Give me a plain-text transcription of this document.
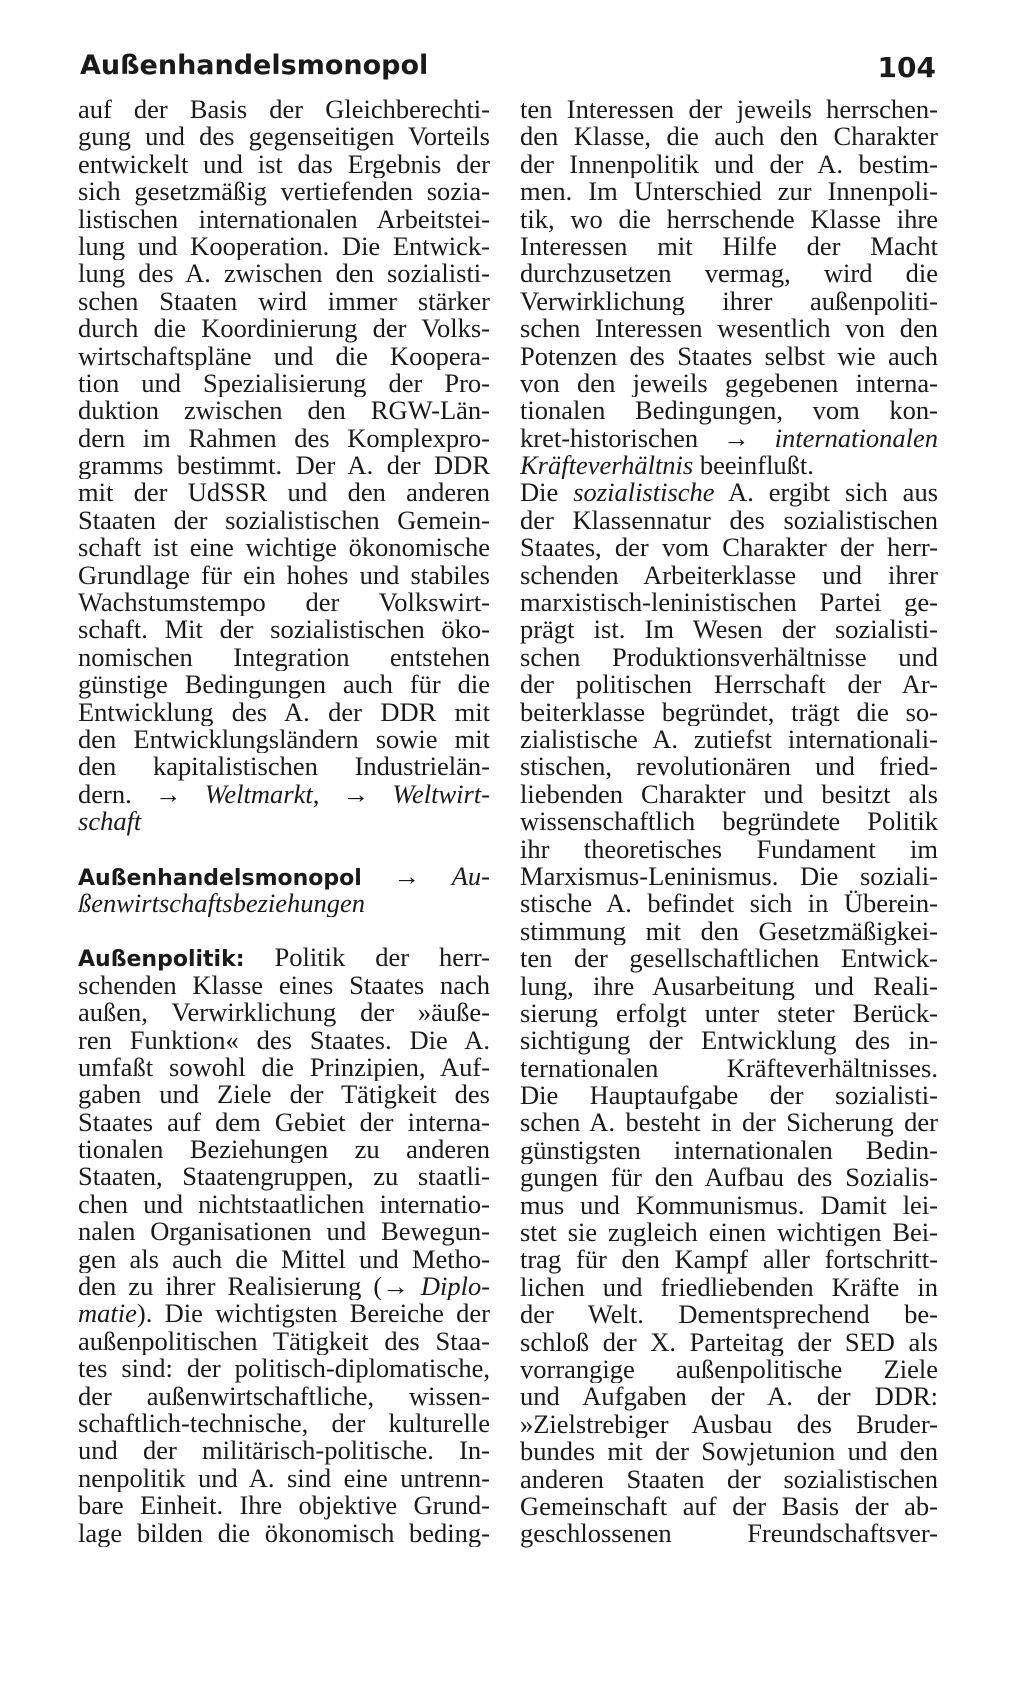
Außenhandelsmonopol	104
auf der Basis der Gleichberechti-
gung und des gegenseitigen Vorteils
entwickelt und ist das Ergebnis der
sich gesetzmäßig vertiefenden sozia-
listischen internationalen Arbeitstei-
lung und Kooperation. Die Entwick-
lung des A. zwischen den sozialisti-
schen Staaten wird immer stärker
durch die Koordinierung der Volks-
wirtschaftspläne und die Koopera-
tion und Spezialisierung der Pro-
duktion zwischen den RGW-Län-
dern im Rahmen des Komplexpro-
gramms bestimmt. Der A. der DDR
mit der UdSSR und den anderen
Staaten der sozialistischen Gemein-
schaft ist eine wichtige ökonomische
Grundlage für ein hohes und stabiles
Wachstumstempo der Volkswirt-
schaft. Mit der sozialistischen öko-
nomischen Integration entstehen
günstige Bedingungen auch für die
Entwicklung des A. der DDR mit
den Entwicklungsländern sowie mit
den kapitalistischen Industrielän-
dern. → Weltmarkt, → Weltwirt-
schaft
Außenhandelsmonopol → Au-
ßenwirtschaftsbeziehungen
Außenpolitik: Politik der herr-
schenden Klasse eines Staates nach
außen, Verwirklichung der »äuße-
ren Funktion« des Staates. Die A.
umfaßt sowohl die Prinzipien, Auf-
gaben und Ziele der Tätigkeit des
Staates auf dem Gebiet der interna-
tionalen Beziehungen zu anderen
Staaten, Staatengruppen, zu staatli-
chen und nichtstaatlichen internatio-
nalen Organisationen und Bewegun-
gen als auch die Mittel und Metho-
den zu ihrer Realisierung (→ Diplo-
matie). Die wichtigsten Bereiche der
außenpolitischen Tätigkeit des Staa-
tes sind: der politisch-diplomatische,
der außenwirtschaftliche, wissen-
schaftlich-technische, der kulturelle
und der militärisch-politische. In-
nenpolitik und A. sind eine untrenn-
bare Einheit. Ihre objektive Grund-
lage bilden die ökonomisch beding-
ten Interessen der jeweils herrschen-
den Klasse, die auch den Charakter
der Innenpolitik und der A. bestim-
men. Im Unterschied zur Innenpoli-
tik, wo die herrschende Klasse ihre
Interessen mit Hilfe der Macht
durchzusetzen vermag, wird die
Verwirklichung ihrer außenpoliti-
schen Interessen wesentlich von den
Potenzen des Staates selbst wie auch
von den jeweils gegebenen interna-
tionalen Bedingungen, vom kon-
kret-historischen → internationalen
Kräfteverhältnis beeinflußt.
Die sozialistische A. ergibt sich aus
der Klassennatur des sozialistischen
Staates, der vom Charakter der herr-
schenden Arbeiterklasse und ihrer
marxistisch-leninistischen Partei ge-
prägt ist. Im Wesen der sozialisti-
schen Produktionsverhältnisse und
der politischen Herrschaft der Ar-
beiterklasse begründet, trägt die so-
zialistische A. zutiefst internationali-
stischen, revolutionären und fried-
liebenden Charakter und besitzt als
wissenschaftlich begründete Politik
ihr theoretisches Fundament im
Marxismus-Leninismus. Die soziali-
stische A. befindet sich in Überein-
stimmung mit den Gesetzmäßigkei-
ten der gesellschaftlichen Entwick-
lung, ihre Ausarbeitung und Reali-
sierung erfolgt unter steter Berück-
sichtigung der Entwicklung des in-
ternationalen Kräfteverhältnisses.
Die Hauptaufgabe der sozialisti-
schen A. besteht in der Sicherung der
günstigsten internationalen Bedin-
gungen für den Aufbau des Sozialis-
mus und Kommunismus. Damit lei-
stet sie zugleich einen wichtigen Bei-
trag für den Kampf aller fortschritt-
lichen und friedliebenden Kräfte in
der Welt. Dementsprechend be-
schloß der X. Parteitag der SED als
vorrangige außenpolitische Ziele
und Aufgaben der A. der DDR:
»Zielstrebiger Ausbau des Bruder-
bundes mit der Sowjetunion und den
anderen Staaten der sozialistischen
Gemeinschaft auf der Basis der ab-
geschlossenen Freundschaftsver-
